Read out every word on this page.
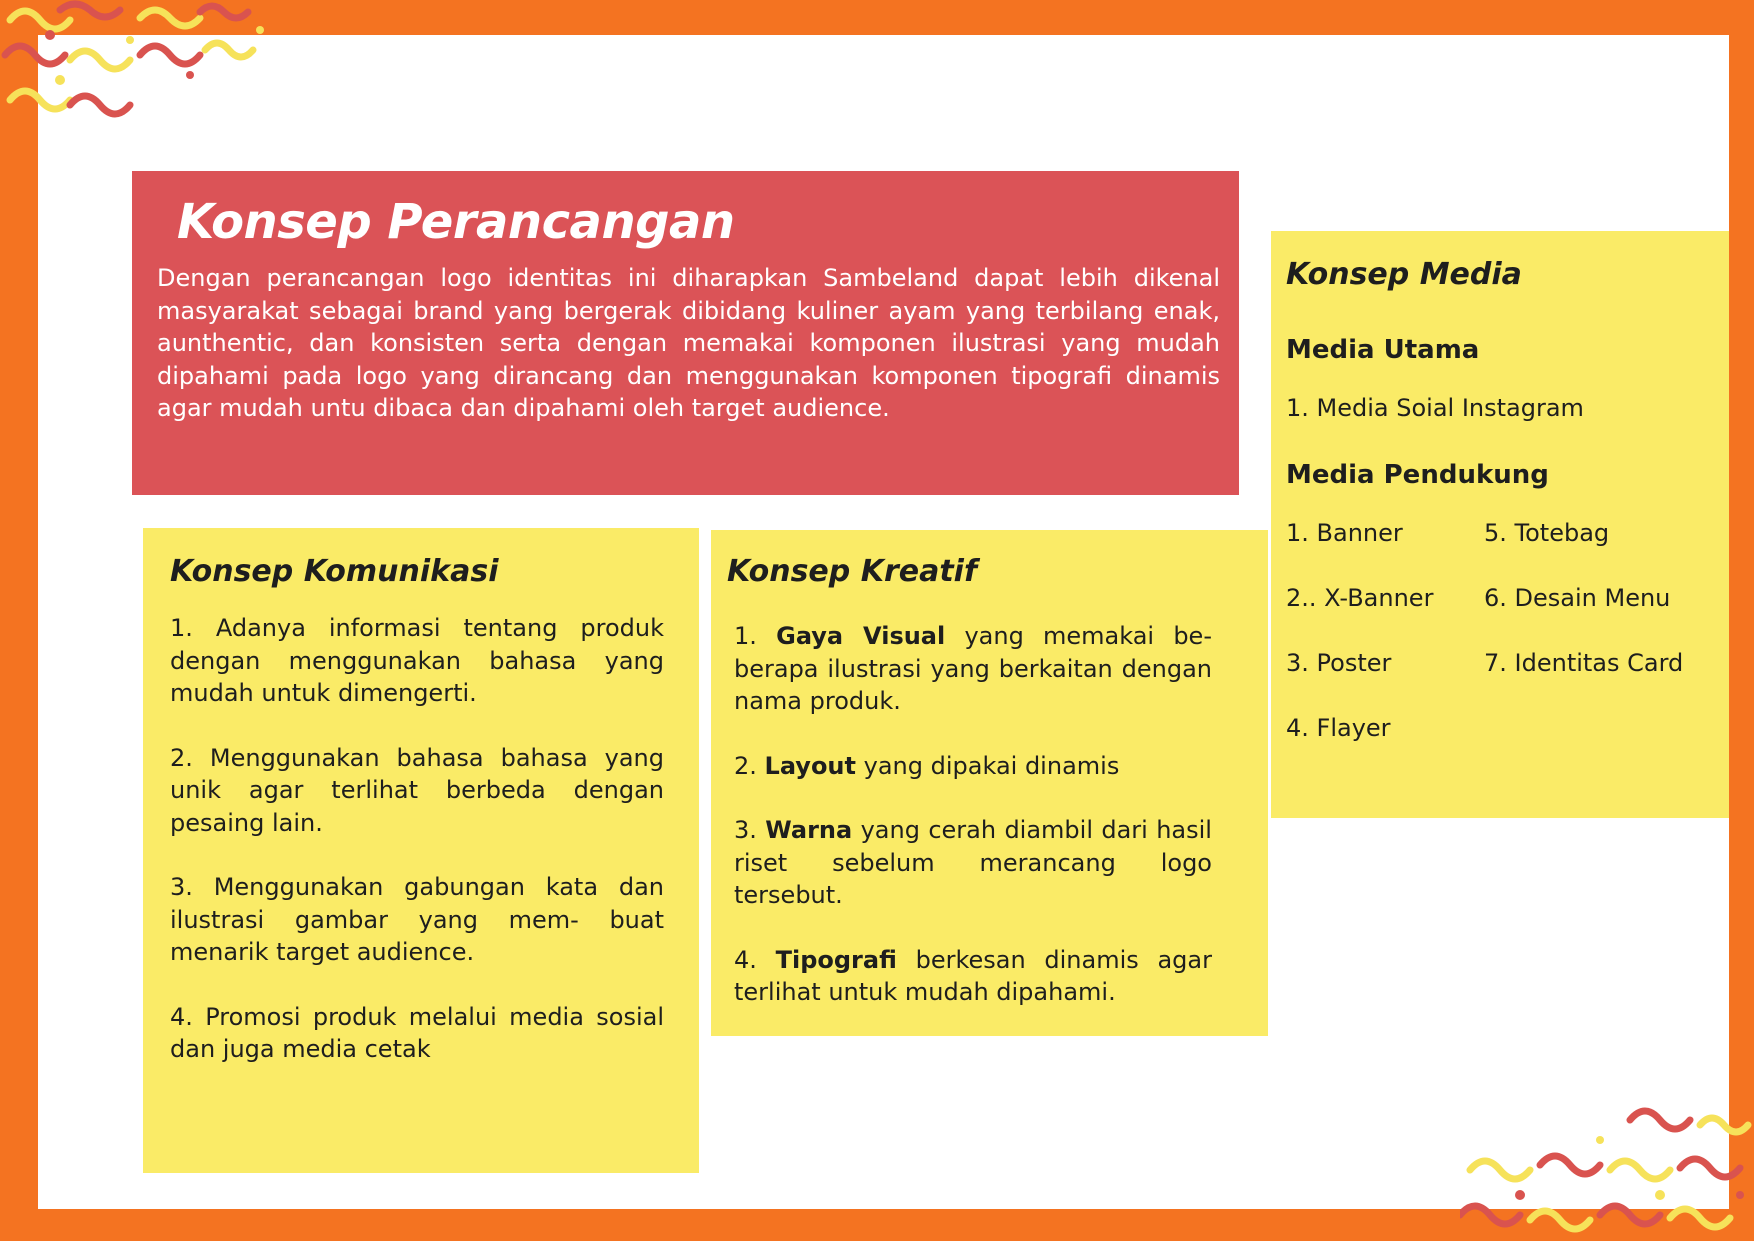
Konsep Perancangan

Dengan perancangan logo identitas ini diharapkan Sambeland dapat lebih dikenal masyarakat sebagai brand yang bergerak dibidang kuliner ayam yang terbilang enak, aunthentic, dan konsisten serta dengan memakai komponen ilustrasi yang mudah dipahami pada logo yang dirancang dan menggunakan komponen tipografi dinamis agar mudah untu dibaca dan dipahami oleh target audience.

Konsep Komunikasi
1. Adanya informasi tentang produk dengan menggunakan bahasa yang mudah untuk dimengerti.
2. Menggunakan bahasa bahasa yang unik agar terlihat berbeda dengan pesaing lain.
3. Menggunakan gabungan kata dan ilustrasi gambar yang mem- buat menarik target audience.
4. Promosi produk melalui media sosial dan juga media cetak
Konsep Kreatif
1. Gaya Visual yang memakai be- berapa ilustrasi yang berkaitan dengan nama produk.
2. Layout yang dipakai dinamis
3. Warna yang cerah diambil dari hasil riset sebelum merancang logo tersebut.
4. Tipografi berkesan dinamis agar terlihat untuk mudah dipahami.
Konsep Media
Media Utama
1. Media Soial Instagram
Media Pendukung
1. Banner
2.. X-Banner
3. Poster
4. Flayer
5. Totebag
6. Desain Menu
7. Identitas Card
